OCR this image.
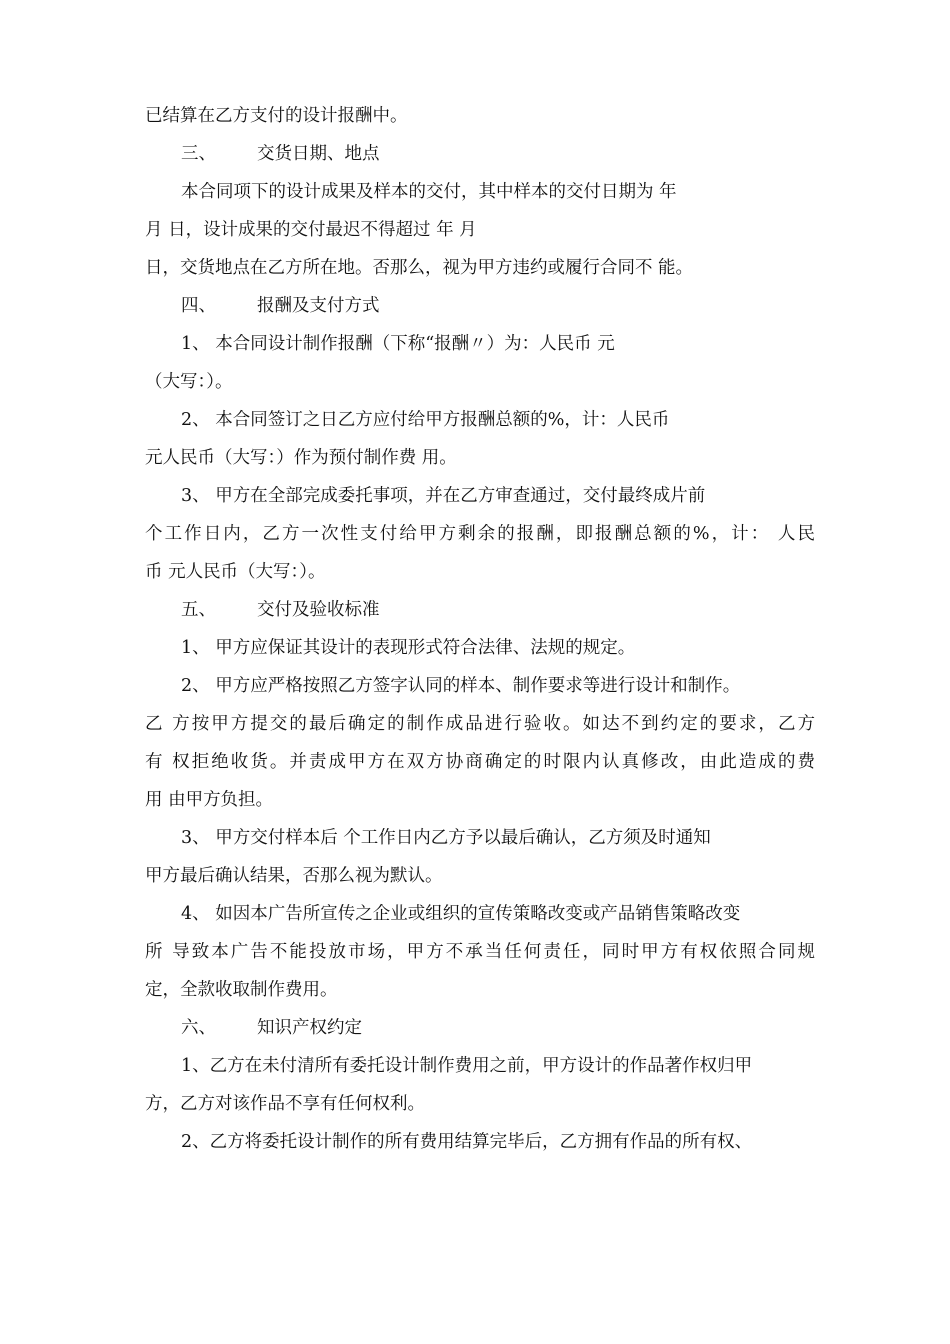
已结算在乙方支付的设计报酬中。
三、 交货日期、地点
本合同项下的设计成果及样本的交付，其中样本的交付日期为 年
月 日，设计成果的交付最迟不得超过 年 月
日，交货地点在乙方所在地。否那么，视为甲方违约或履行合同不 能。
四、 报酬及支付方式
1、 本合同设计制作报酬（下称“报酬〃）为：人民币 元
（大写：）。
2、 本合同签订之日乙方应付给甲方报酬总额的%，计：人民币
元人民币（大写：）作为预付制作费 用。
3、 甲方在全部完成委托事项，并在乙方审查通过，交付最终成片前
个工作日内，乙方一次性支付给甲方剩余的报酬，即报酬总额的%，计： 人民
币 元人民币（大写：）。
五、 交付及验收标准
1、 甲方应保证其设计的表现形式符合法律、法规的规定。
2、 甲方应严格按照乙方签字认同的样本、制作要求等进行设计和制作。
乙 方按甲方提交的最后确定的制作成品进行验收。如达不到约定的要求，乙方
有 权拒绝收货。并责成甲方在双方协商确定的时限内认真修改，由此造成的费
用 由甲方负担。
3、 甲方交付样本后 个工作日内乙方予以最后确认，乙方须及时通知
甲方最后确认结果，否那么视为默认。
4、 如因本广告所宣传之企业或组织的宣传策略改变或产品销售策略改变
所 导致本广告不能投放市场，甲方不承当任何责任，同时甲方有权依照合同规
定，全款收取制作费用。
六、 知识产权约定
1、乙方在未付清所有委托设计制作费用之前，甲方设计的作品著作权归甲
方，乙方对该作品不享有任何权利。
2、乙方将委托设计制作的所有费用结算完毕后，乙方拥有作品的所有权、
